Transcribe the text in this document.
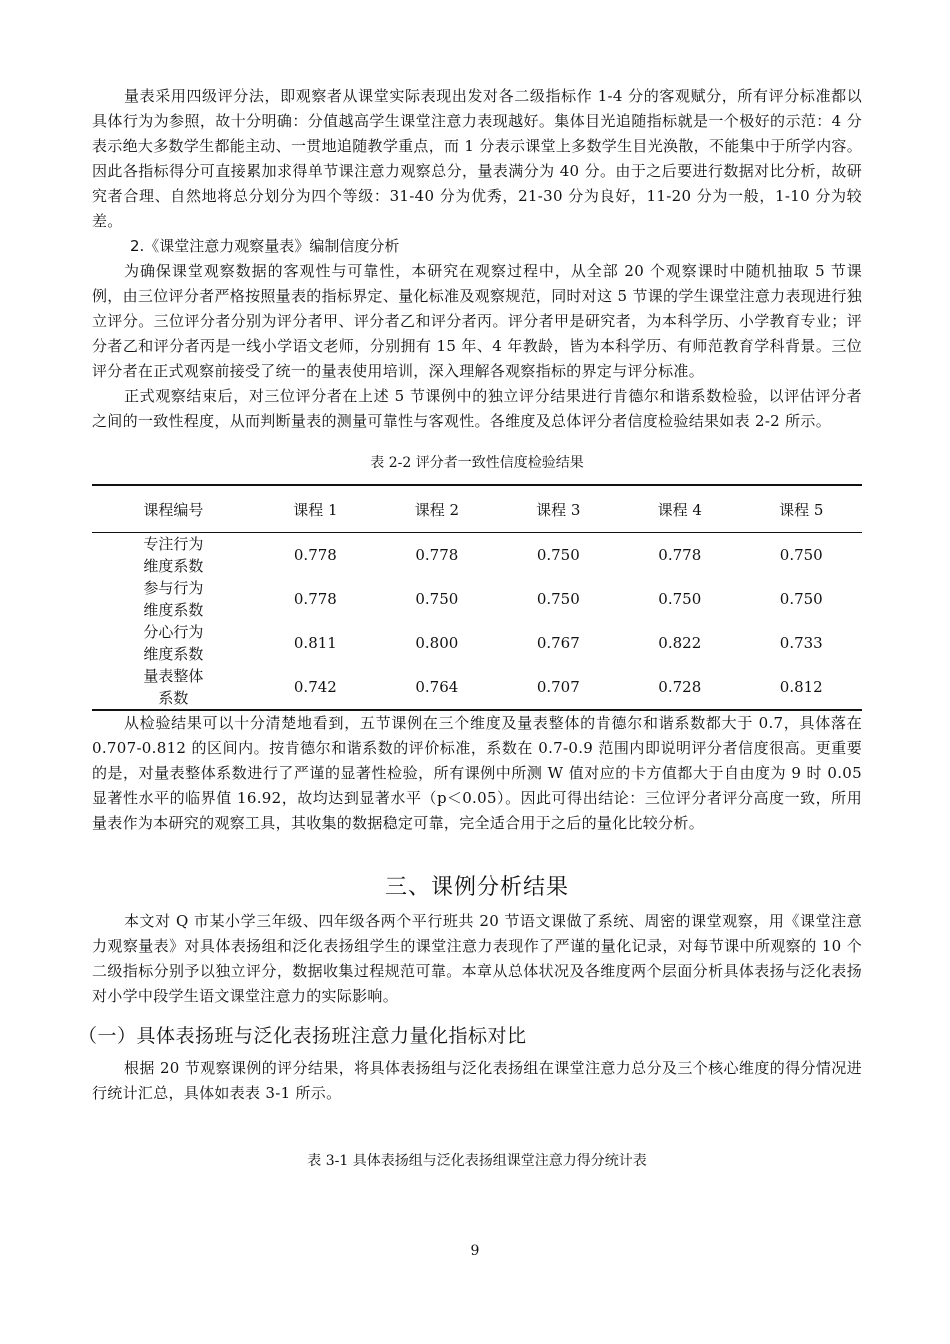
量表采用四级评分法，即观察者从课堂实际表现出发对各二级指标作 1-4 分的客观赋分，所有评分标准都以具体行为为参照，故十分明确：分值越高学生课堂注意力表现越好。集体目光追随指标就是一个极好的示范：4 分表示绝大多数学生都能主动、一贯地追随教学重点，而 1 分表示课堂上多数学生目光涣散，不能集中于所学内容。因此各指标得分可直接累加求得单节课注意力观察总分，量表满分为 40 分。由于之后要进行数据对比分析，故研究者合理、自然地将总分划分为四个等级：31-40 分为优秀，21-30 分为良好，11-20 分为一般，1-10 分为较差。

2.《课堂注意力观察量表》编制信度分析

为确保课堂观察数据的客观性与可靠性，本研究在观察过程中，从全部 20 个观察课时中随机抽取 5 节课例，由三位评分者严格按照量表的指标界定、量化标准及观察规范，同时对这 5 节课的学生课堂注意力表现进行独立评分。三位评分者分别为评分者甲、评分者乙和评分者丙。评分者甲是研究者，为本科学历、小学教育专业；评分者乙和评分者丙是一线小学语文老师，分别拥有 15 年、4 年教龄，皆为本科学历、有师范教育学科背景。三位评分者在正式观察前接受了统一的量表使用培训，深入理解各观察指标的界定与评分标准。

正式观察结束后，对三位评分者在上述 5 节课例中的独立评分结果进行肯德尔和谐系数检验，以评估评分者之间的一致性程度，从而判断量表的测量可靠性与客观性。各维度及总体评分者信度检验结果如表 2-2 所示。

表 2-2 评分者一致性信度检验结果
课程编号	课程 1	课程 2	课程 3	课程 4	课程 5

专注行为
维度系数	0.778	0.778	0.750	0.778	0.750

参与行为
维度系数	0.778	0.750	0.750	0.750	0.750

分心行为
维度系数	0.811	0.800	0.767	0.822	0.733

量表整体
系数	0.742	0.764	0.707	0.728	0.812

从检验结果可以十分清楚地看到，五节课例在三个维度及量表整体的肯德尔和谐系数都大于 0.7，具体落在 0.707-0.812 的区间内。按肯德尔和谐系数的评价标准，系数在 0.7-0.9 范围内即说明评分者信度很高。更重要的是，对量表整体系数进行了严谨的显著性检验，所有课例中所测 W 值对应的卡方值都大于自由度为 9 时 0.05 显著性水平的临界值 16.92，故均达到显著水平（p＜0.05）。因此可得出结论：三位评分者评分高度一致，所用量表作为本研究的观察工具，其收集的数据稳定可靠，完全适合用于之后的量化比较分析。

三、课例分析结果

本文对 Q 市某小学三年级、四年级各两个平行班共 20 节语文课做了系统、周密的课堂观察，用《课堂注意力观察量表》对具体表扬组和泛化表扬组学生的课堂注意力表现作了严谨的量化记录，对每节课中所观察的 10 个二级指标分别予以独立评分，数据收集过程规范可靠。本章从总体状况及各维度两个层面分析具体表扬与泛化表扬对小学中段学生语文课堂注意力的实际影响。

（一）具体表扬班与泛化表扬班注意力量化指标对比

根据 20 节观察课例的评分结果，将具体表扬组与泛化表扬组在课堂注意力总分及三个核心维度的得分情况进行统计汇总，具体如表表 3-1 所示。

表 3-1 具体表扬组与泛化表扬组课堂注意力得分统计表
9
